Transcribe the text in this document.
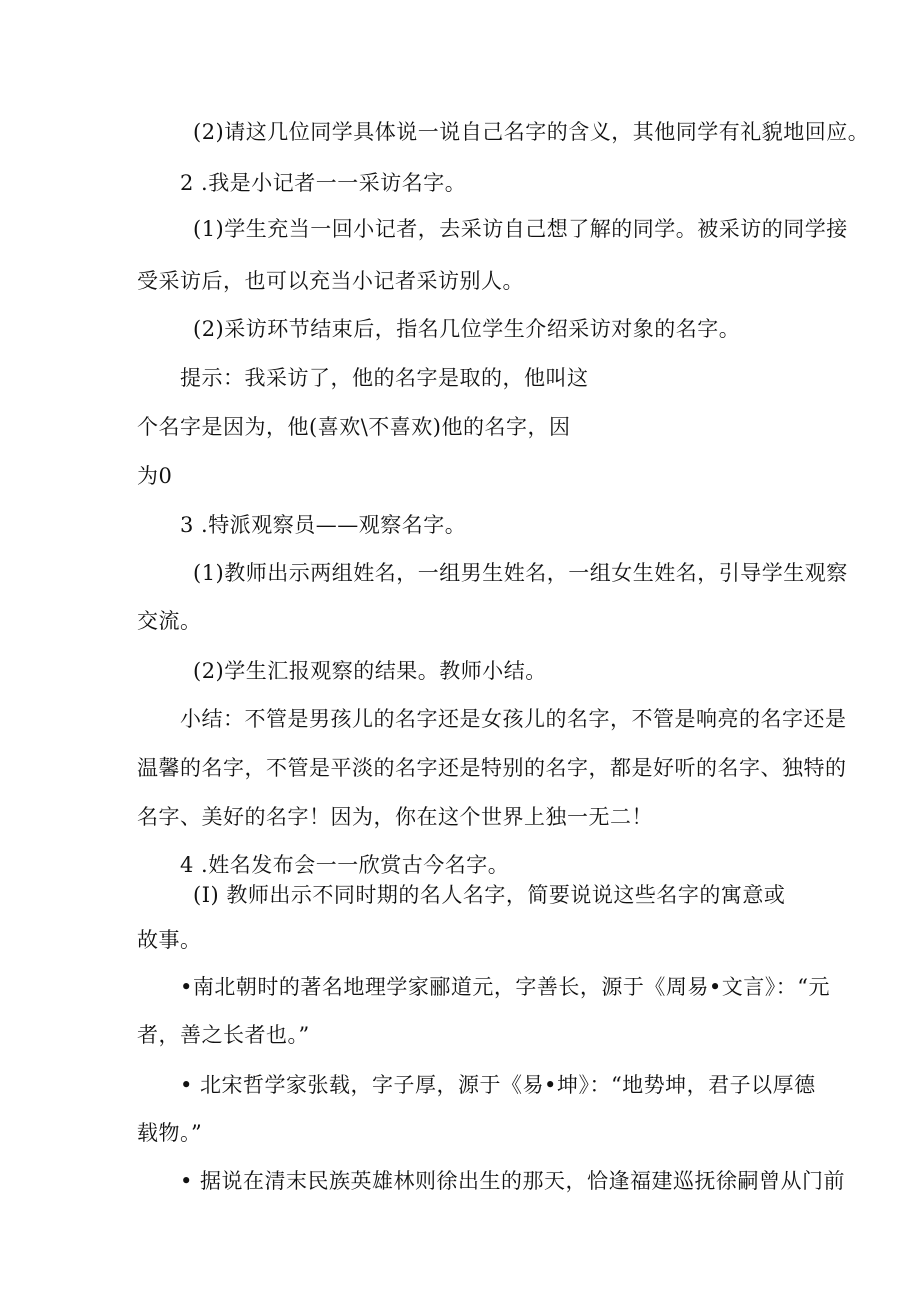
(2)请这几位同学具体说一说自己名字的含义，其他同学有礼貌地回应。
2 .我是小记者一一采访名字。
(1)学生充当一回小记者，去采访自己想了解的同学。被采访的同学接
受采访后，也可以充当小记者采访别人。
(2)采访环节结束后，指名几位学生介绍采访对象的名字。
提示：我采访了，他的名字是取的，他叫这
个名字是因为，他(喜欢\不喜欢)他的名字，因
为0
3 .特派观察员——观察名字。
(1)教师出示两组姓名，一组男生姓名，一组女生姓名，引导学生观察
交流。
(2)学生汇报观察的结果。教师小结。
小结：不管是男孩儿的名字还是女孩儿的名字，不管是响亮的名字还是
温馨的名字，不管是平淡的名字还是特别的名字，都是好听的名字、独特的
名字、美好的名字！因为，你在这个世界上独一无二！
4 .姓名发布会一一欣赏古今名字。
(I) 教师出示不同时期的名人名字，简要说说这些名字的寓意或
故事。
•南北朝时的著名地理学家郦道元，字善长，源于《周易•文言》：“元
者，善之长者也。”
• 北宋哲学家张载，字子厚，源于《易•坤》：“地势坤，君子以厚德
载物。”
• 据说在清末民族英雄林则徐出生的那天，恰逢福建巡抚徐嗣曾从门前
